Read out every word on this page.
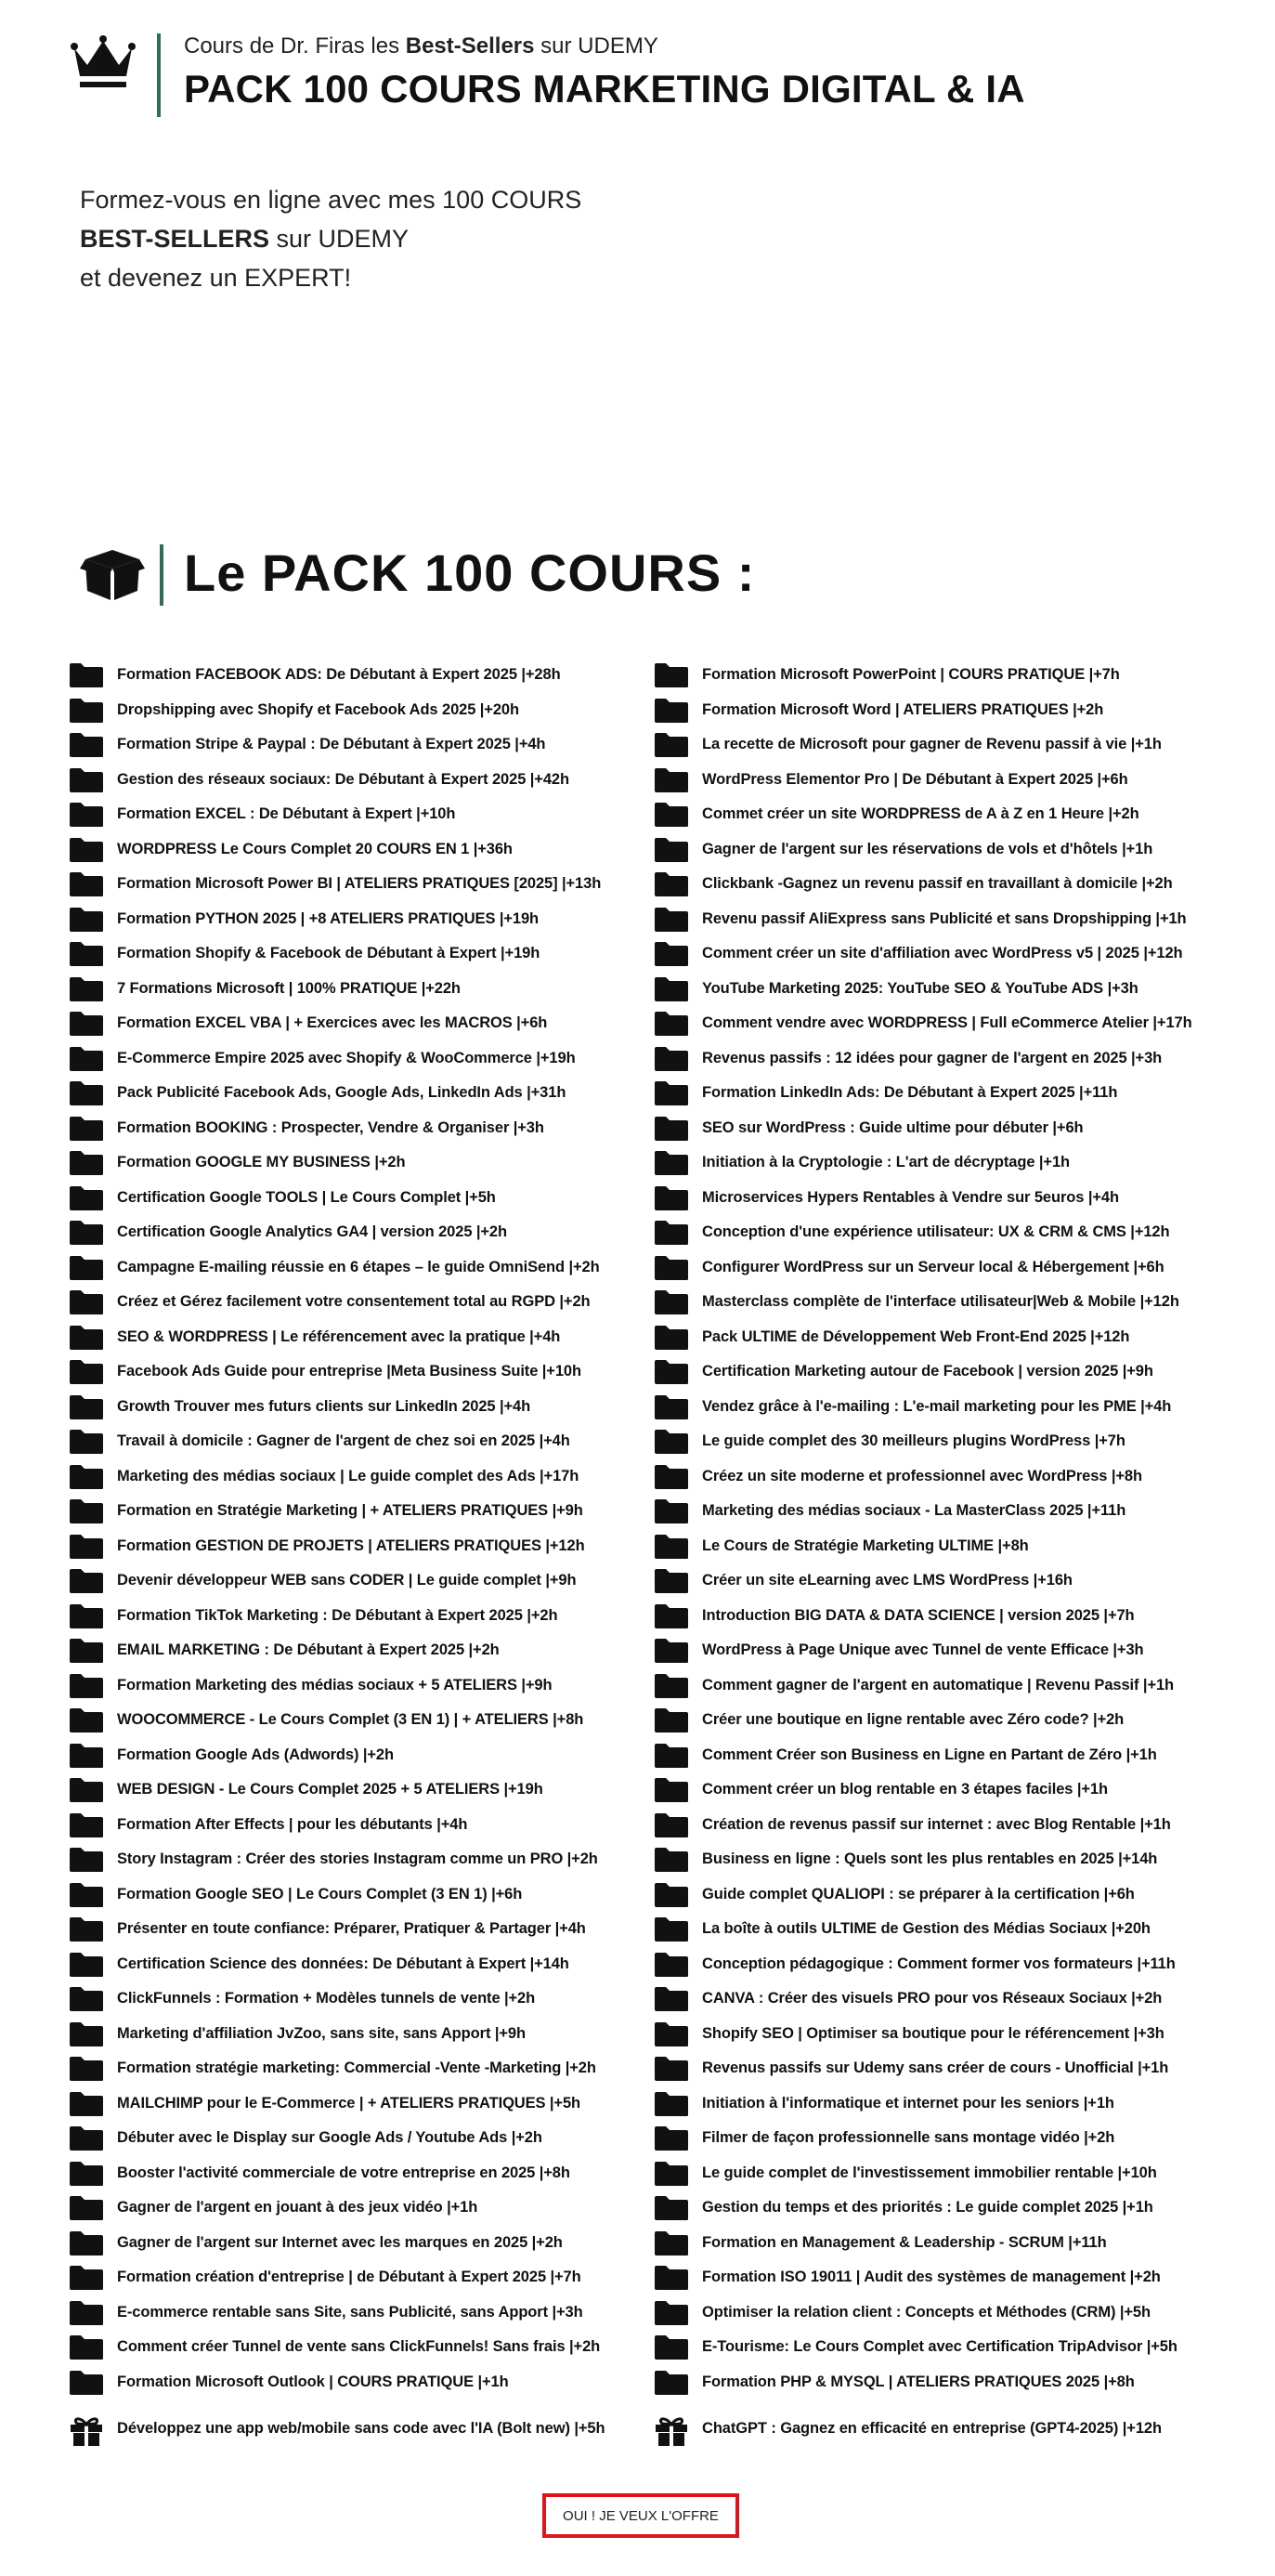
Cours de Dr. Firas les Best-Sellers sur UDEMY
PACK 100 COURS MARKETING DIGITAL & IA
Formez-vous en ligne avec mes 100 COURS
BEST-SELLERS sur UDEMY
et devenez un EXPERT!
Le PACK 100 COURS :
Formation FACEBOOK ADS: De Débutant à Expert 2025 |+28h
Dropshipping avec Shopify et Facebook Ads 2025 |+20h
Formation Stripe & Paypal : De Débutant à Expert 2025 |+4h
Gestion des réseaux sociaux: De Débutant à Expert 2025 |+42h
Formation EXCEL : De Débutant à Expert |+10h
WORDPRESS Le Cours Complet 20 COURS EN 1 |+36h
Formation Microsoft Power BI | ATELIERS PRATIQUES [2025] |+13h
Formation PYTHON 2025 | +8 ATELIERS PRATIQUES |+19h
Formation Shopify & Facebook de Débutant à Expert |+19h
7 Formations Microsoft | 100% PRATIQUE |+22h
Formation EXCEL VBA | + Exercices avec les MACROS |+6h
E-Commerce Empire 2025 avec Shopify & WooCommerce |+19h
Pack Publicité Facebook Ads, Google Ads, LinkedIn Ads |+31h
Formation BOOKING : Prospecter, Vendre & Organiser |+3h
Formation GOOGLE MY BUSINESS |+2h
Certification Google TOOLS | Le Cours Complet |+5h
Certification Google Analytics GA4 | version 2025 |+2h
Campagne E-mailing réussie en 6 étapes – le guide OmniSend |+2h
Créez et Gérez facilement votre consentement total au RGPD |+2h
SEO & WORDPRESS | Le référencement avec la pratique |+4h
Facebook Ads Guide pour entreprise |Meta Business Suite |+10h
Growth Trouver mes futurs clients sur LinkedIn 2025 |+4h
Travail à domicile : Gagner de l'argent de chez soi en 2025 |+4h
Marketing des médias sociaux | Le guide complet des Ads |+17h
Formation en Stratégie Marketing | + ATELIERS PRATIQUES |+9h
Formation GESTION DE PROJETS | ATELIERS PRATIQUES |+12h
Devenir développeur WEB sans CODER | Le guide complet |+9h
Formation TikTok Marketing : De Débutant à Expert 2025 |+2h
EMAIL MARKETING : De Débutant à Expert 2025 |+2h
Formation Marketing des médias sociaux + 5 ATELIERS |+9h
WOOCOMMERCE - Le Cours Complet (3 EN 1) | + ATELIERS |+8h
Formation Google Ads (Adwords) |+2h
WEB DESIGN - Le Cours Complet 2025 + 5 ATELIERS |+19h
Formation After Effects | pour les débutants |+4h
Story Instagram : Créer des stories Instagram comme un PRO |+2h
Formation Google SEO | Le Cours Complet (3 EN 1) |+6h
Présenter en toute confiance: Préparer, Pratiquer & Partager |+4h
Certification Science des données: De Débutant à Expert |+14h
ClickFunnels : Formation + Modèles tunnels de vente |+2h
Marketing d'affiliation JvZoo, sans site, sans Apport |+9h
Formation stratégie marketing: Commercial -Vente -Marketing |+2h
MAILCHIMP pour le E-Commerce | + ATELIERS PRATIQUES |+5h
Débuter avec le Display sur Google Ads / Youtube Ads |+2h
Booster l'activité commerciale de votre entreprise en 2025 |+8h
Gagner de l'argent en jouant à des jeux vidéo |+1h
Gagner de l'argent sur Internet avec les marques en 2025 |+2h
Formation création d'entreprise | de Débutant à Expert 2025 |+7h
E-commerce rentable sans Site, sans Publicité, sans Apport |+3h
Comment créer Tunnel de vente sans ClickFunnels! Sans frais |+2h
Formation Microsoft Outlook | COURS PRATIQUE |+1h
Formation Microsoft PowerPoint | COURS PRATIQUE |+7h
Formation Microsoft Word | ATELIERS PRATIQUES |+2h
La recette de Microsoft pour gagner de Revenu passif à vie |+1h
WordPress Elementor Pro | De Débutant à Expert 2025 |+6h
Commet créer un site WORDPRESS de A à Z en 1 Heure |+2h
Gagner de l'argent sur les réservations de vols et d'hôtels |+1h
Clickbank -Gagnez un revenu passif en travaillant à domicile |+2h
Revenu passif AliExpress sans Publicité et sans Dropshipping |+1h
Comment créer un site d'affiliation avec WordPress v5 | 2025 |+12h
YouTube Marketing 2025: YouTube SEO & YouTube ADS |+3h
Comment vendre avec WORDPRESS | Full eCommerce Atelier |+17h
Revenus passifs : 12 idées pour gagner de l'argent en 2025 |+3h
Formation LinkedIn Ads: De Débutant à Expert 2025 |+11h
SEO sur WordPress : Guide ultime pour débuter |+6h
Initiation à la Cryptologie : L'art de décryptage |+1h
Microservices Hypers Rentables à Vendre sur 5euros |+4h
Conception d'une expérience utilisateur: UX & CRM & CMS |+12h
Configurer WordPress sur un Serveur local & Hébergement |+6h
Masterclass complète de l'interface utilisateur|Web & Mobile |+12h
Pack ULTIME de Développement Web Front-End 2025 |+12h
Certification Marketing autour de Facebook | version 2025 |+9h
Vendez grâce à l'e-mailing : L'e-mail marketing pour les PME |+4h
Le guide complet des 30 meilleurs plugins WordPress |+7h
Créez un site moderne et professionnel avec WordPress |+8h
Marketing des médias sociaux - La MasterClass 2025 |+11h
Le Cours de Stratégie Marketing ULTIME |+8h
Créer un site eLearning avec LMS WordPress |+16h
Introduction BIG DATA & DATA SCIENCE | version 2025 |+7h
WordPress à Page Unique avec Tunnel de vente Efficace |+3h
Comment gagner de l'argent en automatique | Revenu Passif |+1h
Créer une boutique en ligne rentable avec Zéro code? |+2h
Comment Créer son Business en Ligne en Partant de Zéro |+1h
Comment créer un blog rentable en 3 étapes faciles |+1h
Création de revenus passif sur internet : avec Blog Rentable |+1h
Business en ligne : Quels sont les plus rentables en 2025 |+14h
Guide complet QUALIOPI : se préparer à la certification |+6h
La boîte à outils ULTIME de Gestion des Médias Sociaux |+20h
Conception pédagogique : Comment former vos formateurs |+11h
CANVA : Créer des visuels PRO pour vos Réseaux Sociaux |+2h
Shopify SEO | Optimiser sa boutique pour le référencement |+3h
Revenus passifs sur Udemy sans créer de cours - Unofficial |+1h
Initiation à l'informatique et internet pour les seniors |+1h
Filmer de façon professionnelle sans montage vidéo |+2h
Le guide complet de l'investissement immobilier rentable |+10h
Gestion du temps et des priorités : Le guide complet 2025 |+1h
Formation en Management & Leadership - SCRUM |+11h
Formation ISO 19011 | Audit des systèmes de management |+2h
Optimiser la relation client : Concepts et Méthodes (CRM) |+5h
E-Tourisme: Le Cours Complet avec Certification TripAdvisor |+5h
Formation PHP & MYSQL | ATELIERS PRATIQUES 2025 |+8h
Développez une app web/mobile sans code avec l'IA (Bolt new) |+5h	ChatGPT : Gagnez en efficacité en entreprise (GPT4-2025) |+12h
OUI ! JE VEUX L'OFFRE
